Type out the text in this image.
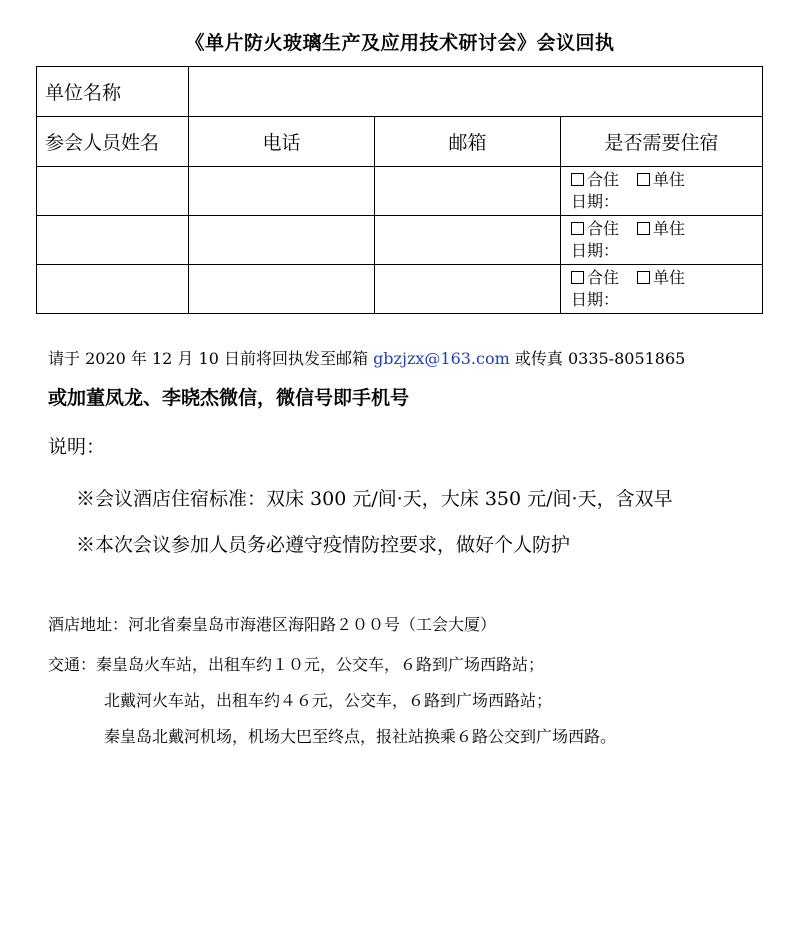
《单片防火玻璃生产及应用技术研讨会》会议回执
单位名称			
参会人员姓名	电话	邮箱	是否需要住宿

			合住 单住
日期：

			合住 单住
日期：

			合住 单住
日期：
请于 2020 年 12 月 10 日前将回执发至邮箱 gbzjzx@163.com 或传真 0335-8051865
或加董凤龙、李晓杰微信，微信号即手机号
说明：
※会议酒店住宿标准：双床 300 元/间·天，大床 350 元/间·天，含双早
※本次会议参加人员务必遵守疫情防控要求，做好个人防护
酒店地址：河北省秦皇岛市海港区海阳路２００号（工会大厦）
交通：秦皇岛火车站，出租车约１０元，公交车，６路到广场西路站；
北戴河火车站，出租车约４６元，公交车，６路到广场西路站；
秦皇岛北戴河机场，机场大巴至终点，报社站换乘６路公交到广场西路。
